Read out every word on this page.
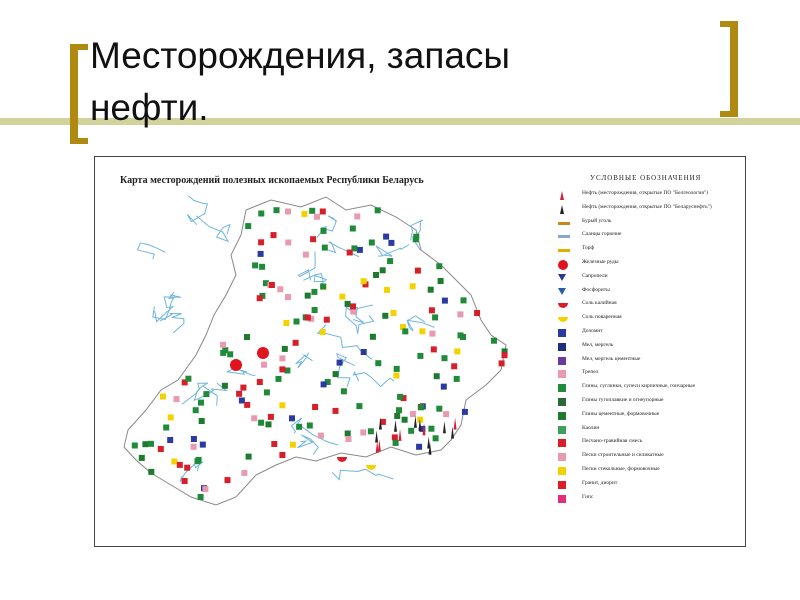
Месторождения, запасы
нефти.
Карта месторождений полезных ископаемых Республики Беларусь	УСЛОВНЫЕ ОБОЗНАЧЕНИЯ
Нефть (месторождения, открытые ПО "Белгеология")
Нефть (месторождения, открытые ПО "Беларуснефть")
Бурый уголь
Сланцы горючие
Торф
Железные руды
Сапропели
Фосфориты
Соль калийная
Соль поваренная
Доломит
Мел, мергель
Мел, мергель цементные
Трепел
Глины, суглинки, супеси кирпичные, гончарные
Глины тугоплавкие и огнеупорные
Глины цементные, формовочные
Каолин
Песчано-гравийная смесь
Пески строительные и силикатные
Пески стекольные, формовочные
Гранит, диорит
Гипс
